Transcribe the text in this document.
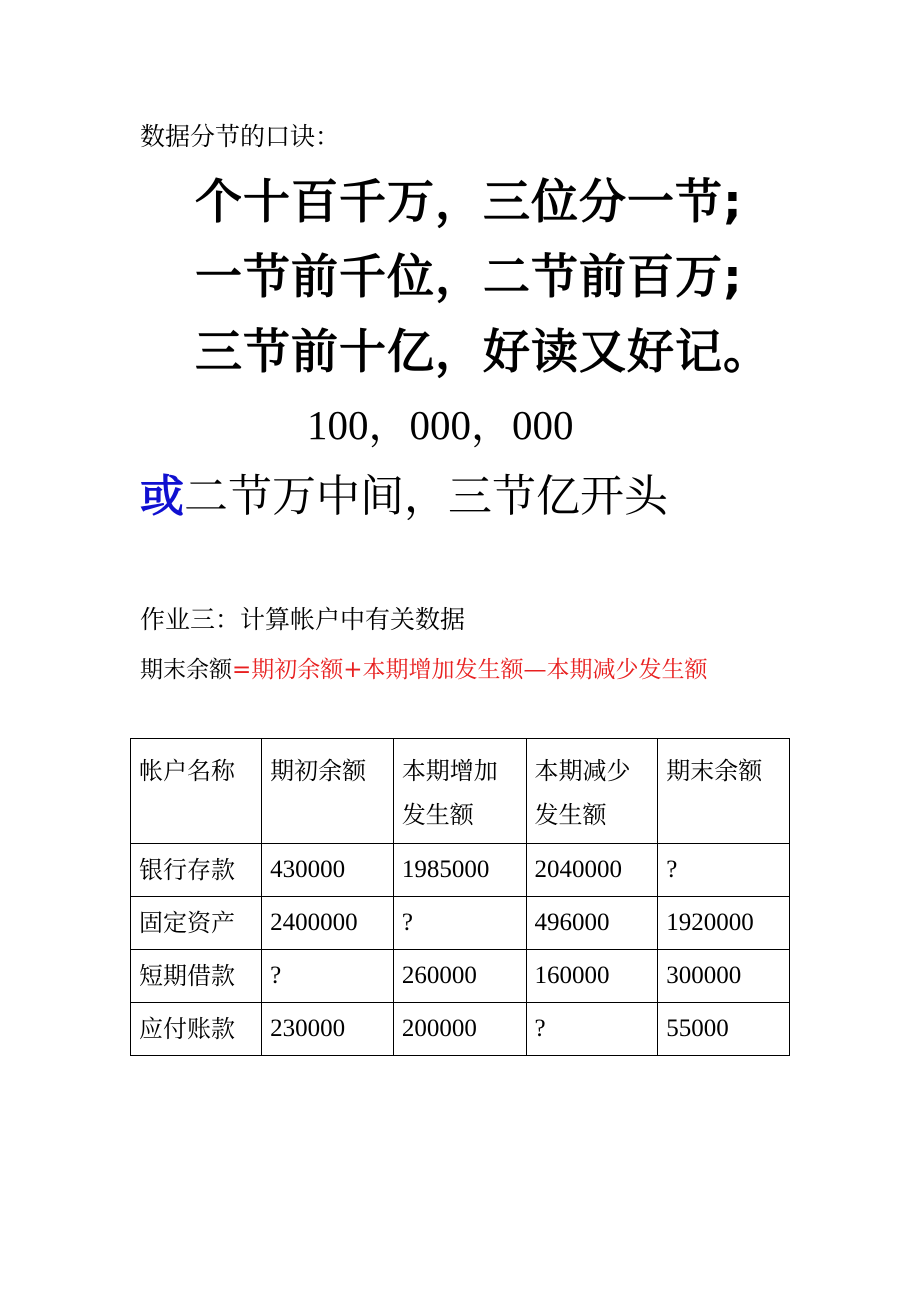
数据分节的口诀：
个十百千万，三位分一节;
一节前千位，二节前百万;
三节前十亿，好读又好记。
100，000，000
或二节万中间，三节亿开头
作业三：计算帐户中有关数据
期末余额=期初余额+本期增加发生额—本期减少发生额
帐户名称	期初余额	本期增加发生额	本期减少发生额	期末余额
银行存款	430000	1985000	2040000	?
固定资产	2400000	?	496000	1920000
短期借款	?	260000	160000	300000
应付账款	230000	200000	?	55000
